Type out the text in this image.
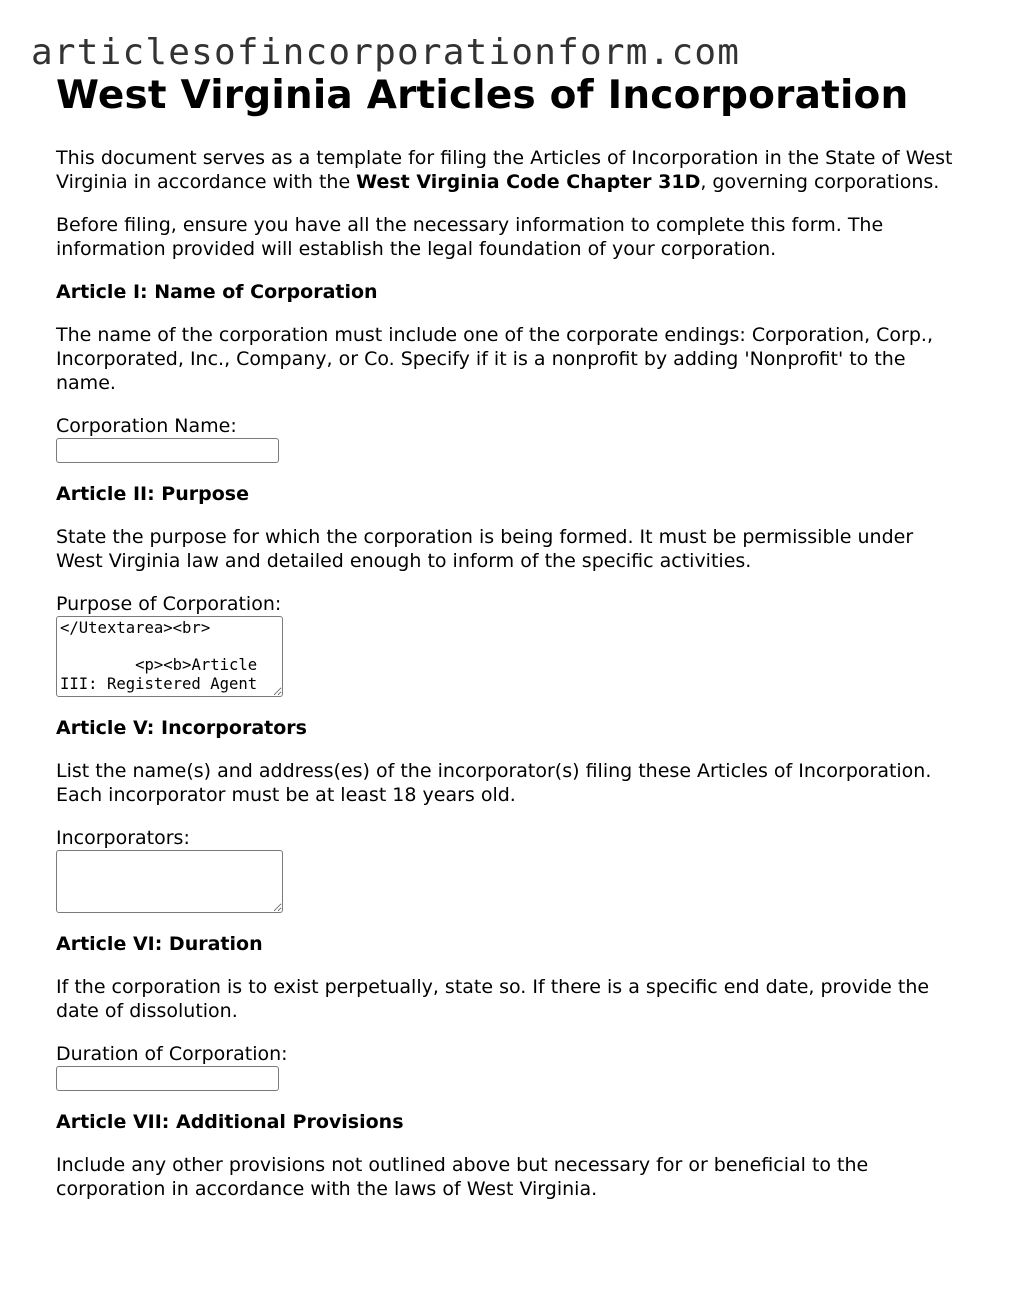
articlesofincorporationform.com
West Virginia Articles of Incorporation

This document serves as a template for filing the Articles of Incorporation in the State of West Virginia in accordance with the West Virginia Code Chapter 31D, governing corporations.

Before filing, ensure you have all the necessary information to complete this form. The information provided will establish the legal foundation of your corporation.

Article I: Name of Corporation

The name of the corporation must include one of the corporate endings: Corporation, Corp., Incorporated, Inc., Company, or Co. Specify if it is a nonprofit by adding 'Nonprofit' to the name.

Corporation Name:

Article II: Purpose

State the purpose for which the corporation is being formed. It must be permissible under West Virginia law and detailed enough to inform of the specific activities.

Purpose of Corporation:
</Utextarea><br> <p><b>Article III: Registered Agent

Article V: Incorporators

List the name(s) and address(es) of the incorporator(s) filing these Articles of Incorporation. Each incorporator must be at least 18 years old.

Incorporators:

Article VI: Duration

If the corporation is to exist perpetually, state so. If there is a specific end date, provide the date of dissolution.

Duration of Corporation:

Article VII: Additional Provisions

Include any other provisions not outlined above but necessary for or beneficial to the corporation in accordance with the laws of West Virginia.
